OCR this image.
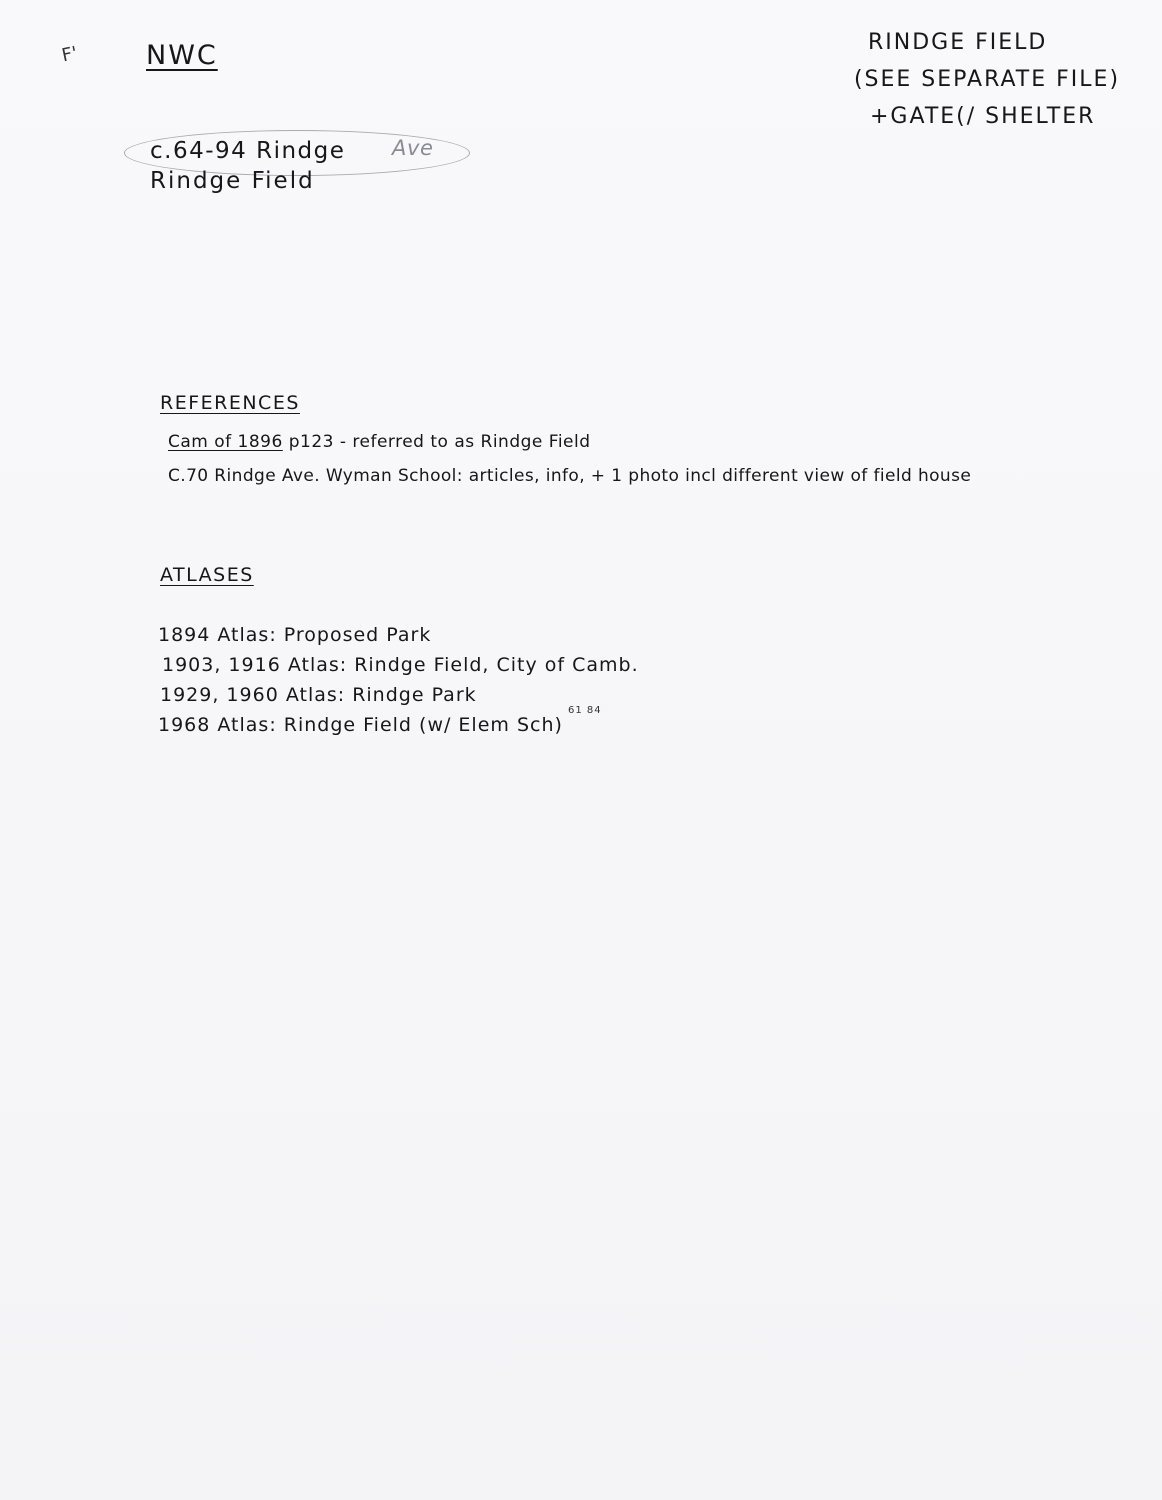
F' NWC	RINDGE FIELD
(SEE SEPARATE FILE)
+GATE(/ SHELTER
c.64-94 Rindge Ave
Rindge Field
REFERENCES
Cam of 1896 p123 - referred to as Rindge Field
C.70 Rindge Ave. Wyman School: articles, info, + 1 photo incl different view of field house
ATLASES
1894 Atlas: Proposed Park
1903, 1916 Atlas: Rindge Field, City of Camb.
1929, 1960 Atlas: Rindge Park
1968 Atlas: Rindge Field (w/ Elem Sch)
61 84
